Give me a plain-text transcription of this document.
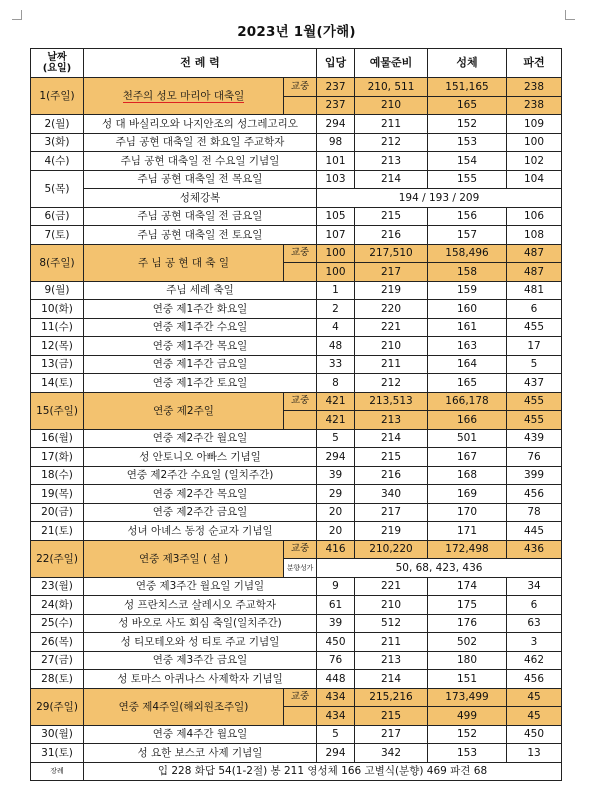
2023년 1월(가해)
날짜
(요일)	전 례 력		입당	예물준비	성체	파견
1(주일)	천주의 성모 마리아 대축일	교중	237	210, 511	151,165	238
			237	210	165	238
2(월)	성 대 바실리오와 나지안조의 성그레고리오		294	211	152	109
3(화)	주님 공현 대축일 전 화요일 주교학자		98	212	153	100
4(수)	주님 공현 대축일 전 수요일 기념일		101	213	154	102
5(목)	주님 공현 대축일 전 목요일		103	214	155	104
	성체강복		194 / 193 / 209			
6(금)	주님 공현 대축일 전 금요일		105	215	156	106
7(토)	주님 공현 대축일 전 토요일		107	216	157	108
8(주일)	주 님 공 현 대 축 일	교중	100	217,510	158,496	487
			100	217	158	487
9(월)	주님 세례 축일		1	219	159	481
10(화)	연중 제1주간 화요일		2	220	160	6
11(수)	연중 제1주간 수요일		4	221	161	455
12(목)	연중 제1주간 목요일		48	210	163	17
13(금)	연중 제1주간 금요일		33	211	164	5
14(토)	연중 제1주간 토요일		8	212	165	437
15(주일)	연중 제2주일	교중	421	213,513	166,178	455
			421	213	166	455
16(월)	연중 제2주간 월요일		5	214	501	439
17(화)	성 안토니오 아빠스 기념일		294	215	167	76
18(수)	연중 제2주간 수요일 (일치주간)		39	216	168	399
19(목)	연중 제2주간 목요일		29	340	169	456
20(금)	연중 제2주간 금요일		20	217	170	78
21(토)	성녀 아녜스 동정 순교자 기념일		20	219	171	445
22(주일)	연중 제3주일 ( 설 )	교중	416	210,220	172,498	436
		분향성가	50, 68, 423, 436			
23(월)	연중 제3주간 월요일 기념일		9	221	174	34
24(화)	성 프란치스코 살레시오 주교학자		61	210	175	6
25(수)	성 바오로 사도 회심 축일(일치주간)		39	512	176	63
26(목)	성 티모테오와 성 티토 주교 기념일		450	211	502	3
27(금)	연중 제3주간 금요일		76	213	180	462
28(토)	성 토마스 아퀴나스 사제학자 기념일		448	214	151	456
29(주일)	연중 제4주일(해외원조주일)	교중	434	215,216	173,499	45
			434	215	499	45
30(월)	연중 제4주간 월요일		5	217	152	450
31(토)	성 요한 보스코 사제 기념일		294	342	153	13
장례	입 228 화답 54(1-2절) 봉 211 영성체 166 고별식(분향) 469 파견 68					
